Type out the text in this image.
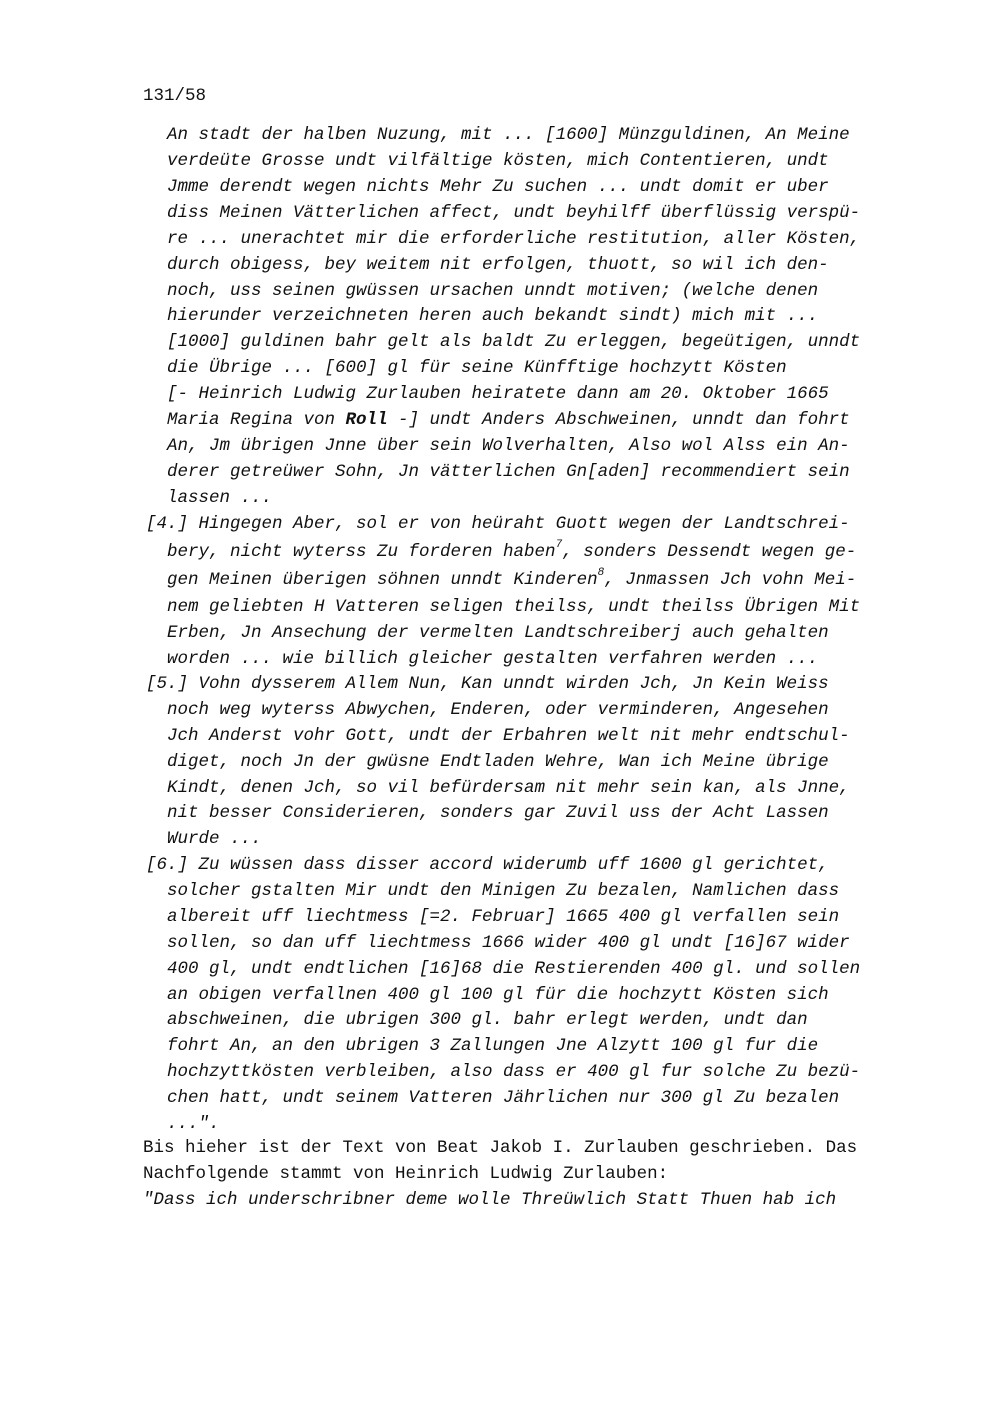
131/58
An stadt der halben Nuzung, mit ... [1600] Münzguldinen, An Meine
verdeüte Grosse undt vilfältige kösten, mich Contentieren, undt
Jmme derendt wegen nichts Mehr Zu suchen ... undt domit er uber
diss Meinen Vätterlichen affect, undt beyhilff überflüssig verspü-
re ... unerachtet mir die erforderliche restitution, aller Kösten,
durch obigess, bey weitem nit erfolgen, thuott, so wil ich den-
noch, uss seinen gwüssen ursachen unndt motiven; (welche denen
hierunder verzeichneten heren auch bekandt sindt) mich mit ...
[1000] guldinen bahr gelt als baldt Zu erleggen, begeütigen, unndt
die Übrige ... [600] gl für seine Künfftige hochzytt Kösten
[- Heinrich Ludwig Zurlauben heiratete dann am 20. Oktober 1665
Maria Regina von Roll -] undt Anders Abschweinen, unndt dan fohrt
An, Jm übrigen Jnne über sein Wolverhalten, Also wol Alss ein An-
derer getreüwer Sohn, Jn vätterlichen Gn[aden] recommendiert sein
lassen ...
[4.] Hingegen Aber, sol er von heüraht Guott wegen der Landtschrei-
bery, nicht wyterss Zu forderen haben$^7$, sonders Dessendt wegen ge-
gen Meinen überigen söhnen unndt Kinderen$^8$, Jnmassen Jch vohn Mei-
nem geliebten H Vatteren seligen theilss, undt theilss Übrigen Mit
Erben, Jn Ansechung der vermelten Landtschreiberj auch gehalten
worden ... wie billich gleicher gestalten verfahren werden ...
[5.] Vohn dysserem Allem Nun, Kan unndt wirden Jch, Jn Kein Weiss
noch weg wyterss Abwychen, Enderen, oder verminderen, Angesehen
Jch Anderst vohr Gott, undt der Erbahren welt nit mehr endtschul-
diget, noch Jn der gwüsne Endtladen Wehre, Wan ich Meine übrige
Kindt, denen Jch, so vil befürdersam nit mehr sein kan, als Jnne,
nit besser Considerieren, sonders gar Zuvil uss der Acht Lassen
Wurde ...
[6.] Zu wüssen dass disser accord widerumb uff 1600 gl gerichtet,
solcher gstalten Mir undt den Minigen Zu bezalen, Namlichen dass
albereit uff liechtmess [=2. Februar] 1665 400 gl verfallen sein
sollen, so dan uff liechtmess 1666 wider 400 gl undt [16]67 wider
400 gl, undt endtlichen [16]68 die Restierenden 400 gl. und sollen
an obigen verfallnen 400 gl 100 gl für die hochzytt Kösten sich
abschweinen, die ubrigen 300 gl. bahr erlegt werden, undt dan
fohrt An, an den ubrigen 3 Zallungen Jne Alzytt 100 gl fur die
hochzyttkösten verbleiben, also dass er 400 gl fur solche Zu bezü-
chen hatt, undt seinem Vatteren Jährlichen nur 300 gl Zu bezalen
...".
Bis hieher ist der Text von Beat Jakob I. Zurlauben geschrieben. Das
Nachfolgende stammt von Heinrich Ludwig Zurlauben:
"Dass ich underschribner deme wolle Threüwlich Statt Thuen hab ich
